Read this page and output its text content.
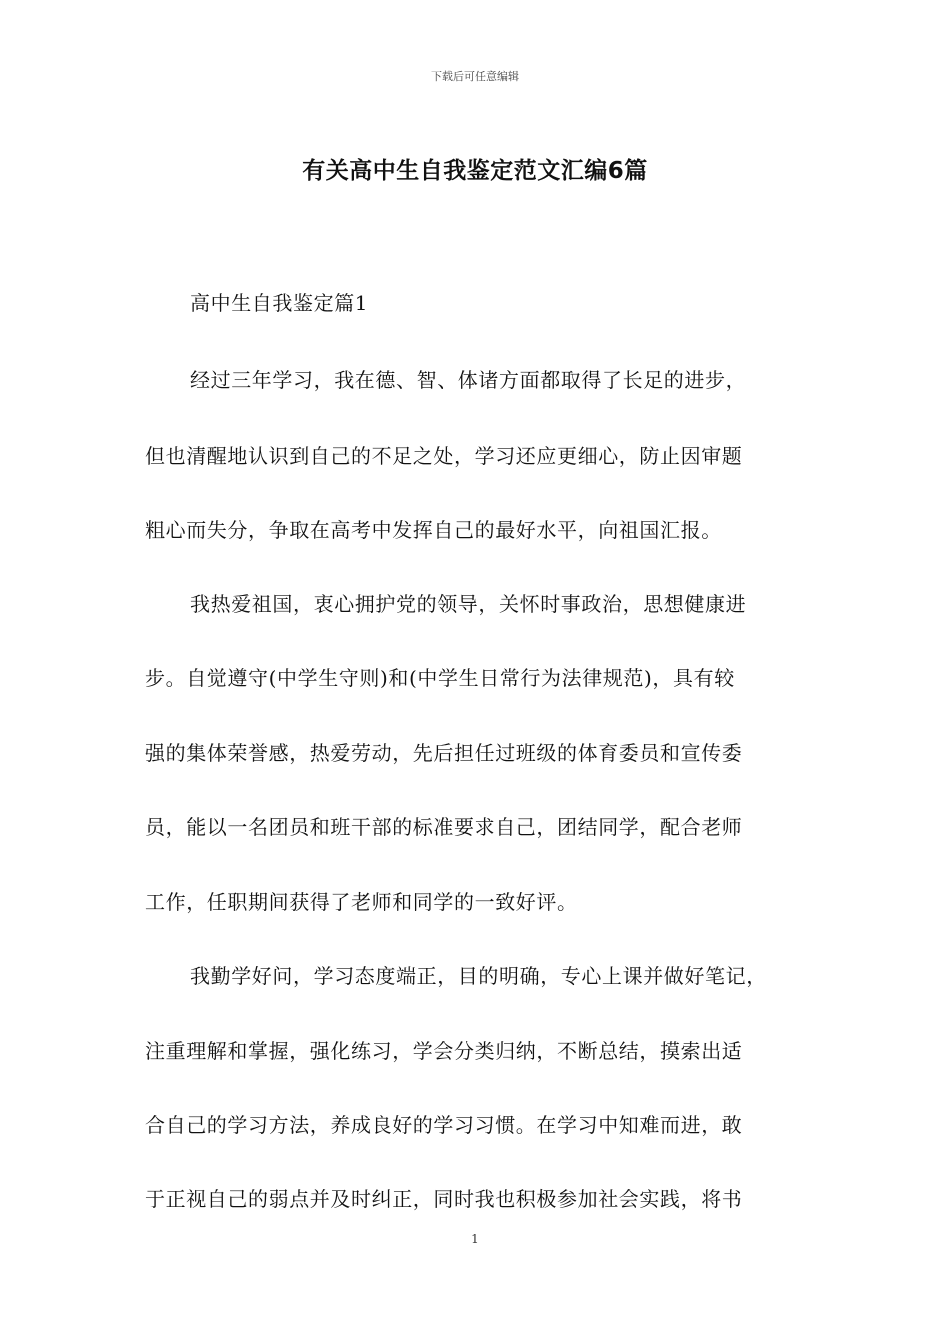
下载后可任意编辑
有关高中生自我鉴定范文汇编6篇
高中生自我鉴定篇1
经过三年学习，我在德、智、体诸方面都取得了长足的进步，
但也清醒地认识到自己的不足之处，学习还应更细心，防止因审题
粗心而失分，争取在高考中发挥自己的最好水平，向祖国汇报。
我热爱祖国，衷心拥护党的领导，关怀时事政治，思想健康进
步。自觉遵守(中学生守则)和(中学生日常行为法律规范)，具有较
强的集体荣誉感，热爱劳动，先后担任过班级的体育委员和宣传委
员，能以一名团员和班干部的标准要求自己，团结同学，配合老师
工作，任职期间获得了老师和同学的一致好评。
我勤学好问，学习态度端正，目的明确，专心上课并做好笔记，
注重理解和掌握，强化练习，学会分类归纳，不断总结，摸索出适
合自己的学习方法，养成良好的学习习惯。在学习中知难而进，敢
于正视自己的弱点并及时纠正，同时我也积极参加社会实践，将书
1
